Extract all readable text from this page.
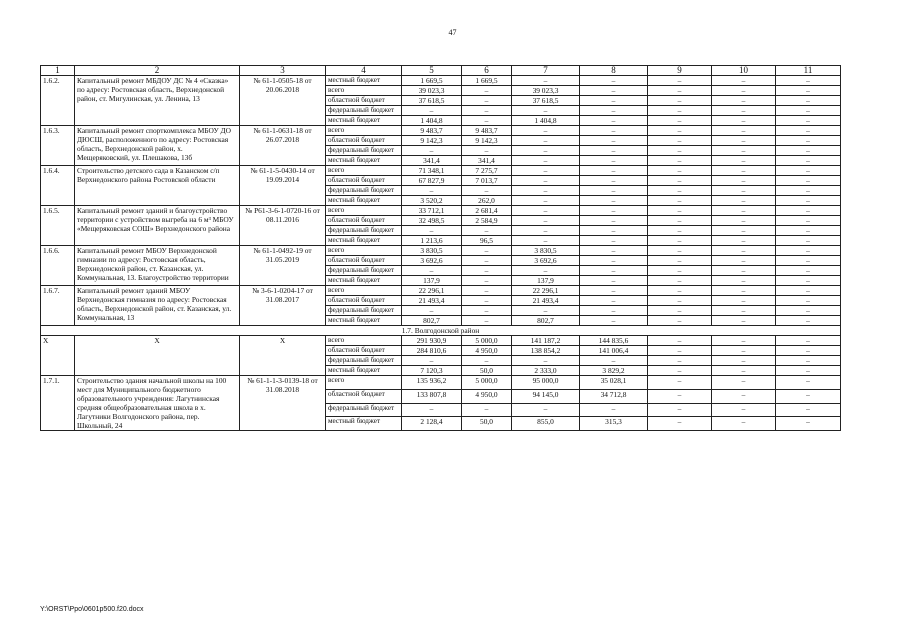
47
1	2	3	4	5	6	7	8	9	10	11
1.6.2.	Капитальный ремонт МБДОУ ДС № 4 «Сказка» по адресу: Ростовская область, Верхнедонской район, ст. Мигулинская, ул. Ленина, 13	№ 61-1-0505-18 от 20.06.2018	местный бюджет	1 669,5	1 669,5	–	–	–	–	–
			всего	39 023,3	–	39 023,3	–	–	–	–
			областной бюджет	37 618,5	–	37 618,5	–	–	–	–
			федеральный бюджет	–	–	–	–	–	–	–
			местный бюджет	1 404,8	–	1 404,8	–	–	–	–
1.6.3.	Капитальный ремонт спорткомплекса МБОУ ДО ДЮСШ, расположенного по адресу: Ростовская область, Верхнедонской район, х. Мещеряковский, ул. Плешакова, 13б	№ 61-1-0631-18 от 26.07.2018	всего	9 483,7	9 483,7	–	–	–	–	–
			областной бюджет	9 142,3	9 142,3	–	–	–	–	–
			федеральный бюджет	–	–	–	–	–	–	–
			местный бюджет	341,4	341,4	–	–	–	–	–
1.6.4.	Строительство детского сада в Казанском с/п Верхнедонского района Ростовской области	№ 61-1-5-0430-14 от 19.09.2014	всего	71 348,1	7 275,7	–	–	–	–	–
			областной бюджет	67 827,9	7 013,7	–	–	–	–	–
			федеральный бюджет	–	–	–	–	–	–	–
			местный бюджет	3 520,2	262,0	–	–	–	–	–
1.6.5.	Капитальный ремонт зданий и благоустройство территории с устройством выгреба на 6 м³ МБОУ «Мещеряковская СОШ» Верхнедонского района	№ Р61-3-6-1-0720-16 от 08.11.2016	всего	33 712,1	2 681,4	–	–	–	–	–
			областной бюджет	32 498,5	2 584,9	–	–	–	–	–
			федеральный бюджет	–	–	–	–	–	–	–
			местный бюджет	1 213,6	96,5	–	–	–	–	–
1.6.6.	Капитальный ремонт МБОУ Верхнедонской гимназии по адресу: Ростовская область, Верхнедонской район, ст. Казанская, ул. Коммунальная, 13. Благоустройство территории	№ 61-1-0492-19 от 31.05.2019	всего	3 830,5	–	3 830,5	–	–	–	–
			областной бюджет	3 692,6	–	3 692,6	–	–	–	–
			федеральный бюджет	–	–	–	–	–	–	–
			местный бюджет	137,9	–	137,9	–	–	–	–
1.6.7.	Капитальный ремонт зданий МБОУ Верхнедонская гимназия по адресу: Ростовская область, Верхнедонской район, ст. Казанская, ул. Коммунальная, 13	№ 3-6-1-0204-17 от 31.08.2017	всего	22 296,1	–	22 296,1	–	–	–	–
			областной бюджет	21 493,4	–	21 493,4	–	–	–	–
			федеральный бюджет	–	–	–	–	–	–	–
			местный бюджет	802,7	–	802,7	–	–	–	–
1.7. Волгодонской район										
X	Х	Х	всего	291 930,9	5 000,0	141 187,2	144 835,6	–	–	–
			областной бюджет	284 810,6	4 950,0	138 854,2	141 006,4	–	–	–
			федеральный бюджет	–	–	–	–	–	–	–
			местный бюджет	7 120,3	50,0	2 333,0	3 829,2	–	–	–
1.7.1.	Строительство здания начальной школы на 100 мест для Муниципального бюджетного образовательного учреждения: Лагутнинская средняя общеобразовательная школа в х. Лагутники Волгодонского района, пер. Школьный, 24	№ 61-1-1-3-0139-18 от 31.08.2018	всего	135 936,2	5 000,0	95 000,0	35 028,1	–	–	–
			областной бюджет	133 807,8	4 950,0	94 145,0	34 712,8	–	–	–
			федеральный бюджет	–	–	–	–	–	–	–
			местный бюджет	2 128,4	50,0	855,0	315,3	–	–	–
Y:\ORST\Ppo\0601p500.f20.docx
